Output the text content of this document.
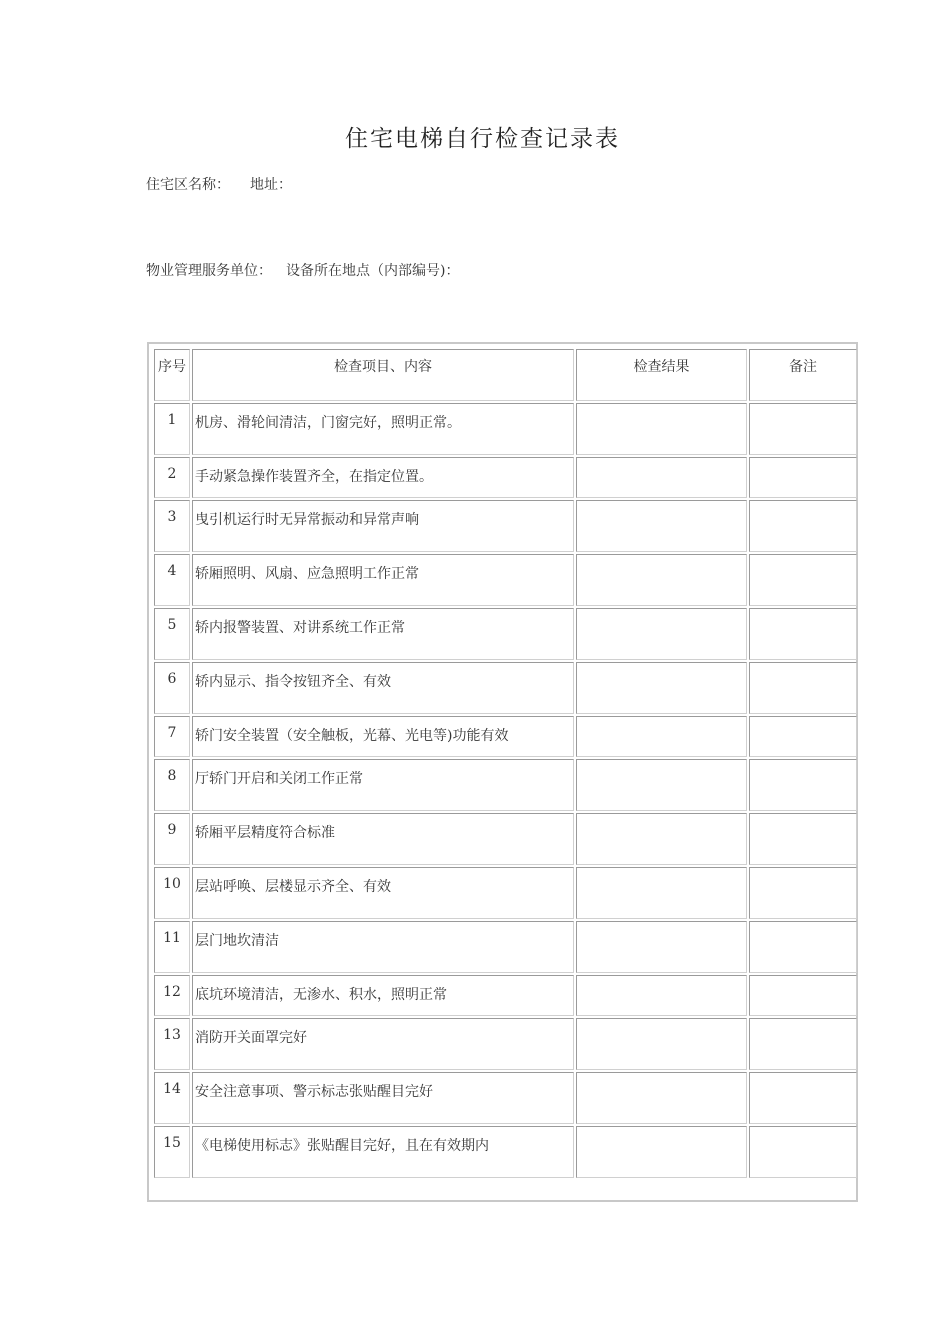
住宅电梯自行检查记录表
住宅区名称： 地址：
物业管理服务单位： 设备所在地点（内部编号)：
序号	检查项目、内容	检查结果	备注
1	机房、滑轮间清洁，门窗完好，照明正常。		
2	手动紧急操作装置齐全，在指定位置。		
3	曳引机运行时无异常振动和异常声响		
4	轿厢照明、风扇、应急照明工作正常		
5	轿内报警装置、对讲系统工作正常		
6	轿内显示、指令按钮齐全、有效		
7	轿门安全装置（安全触板，光幕、光电等)功能有效		
8	厅轿门开启和关闭工作正常		
9	轿厢平层精度符合标准		
10	层站呼唤、层楼显示齐全、有效		
11	层门地坎清洁		
12	底坑环境清洁，无渗水、积水，照明正常		
13	消防开关面罩完好		
14	安全注意事项、警示标志张贴醒目完好		
15	《电梯使用标志》张贴醒目完好，且在有效期内		
